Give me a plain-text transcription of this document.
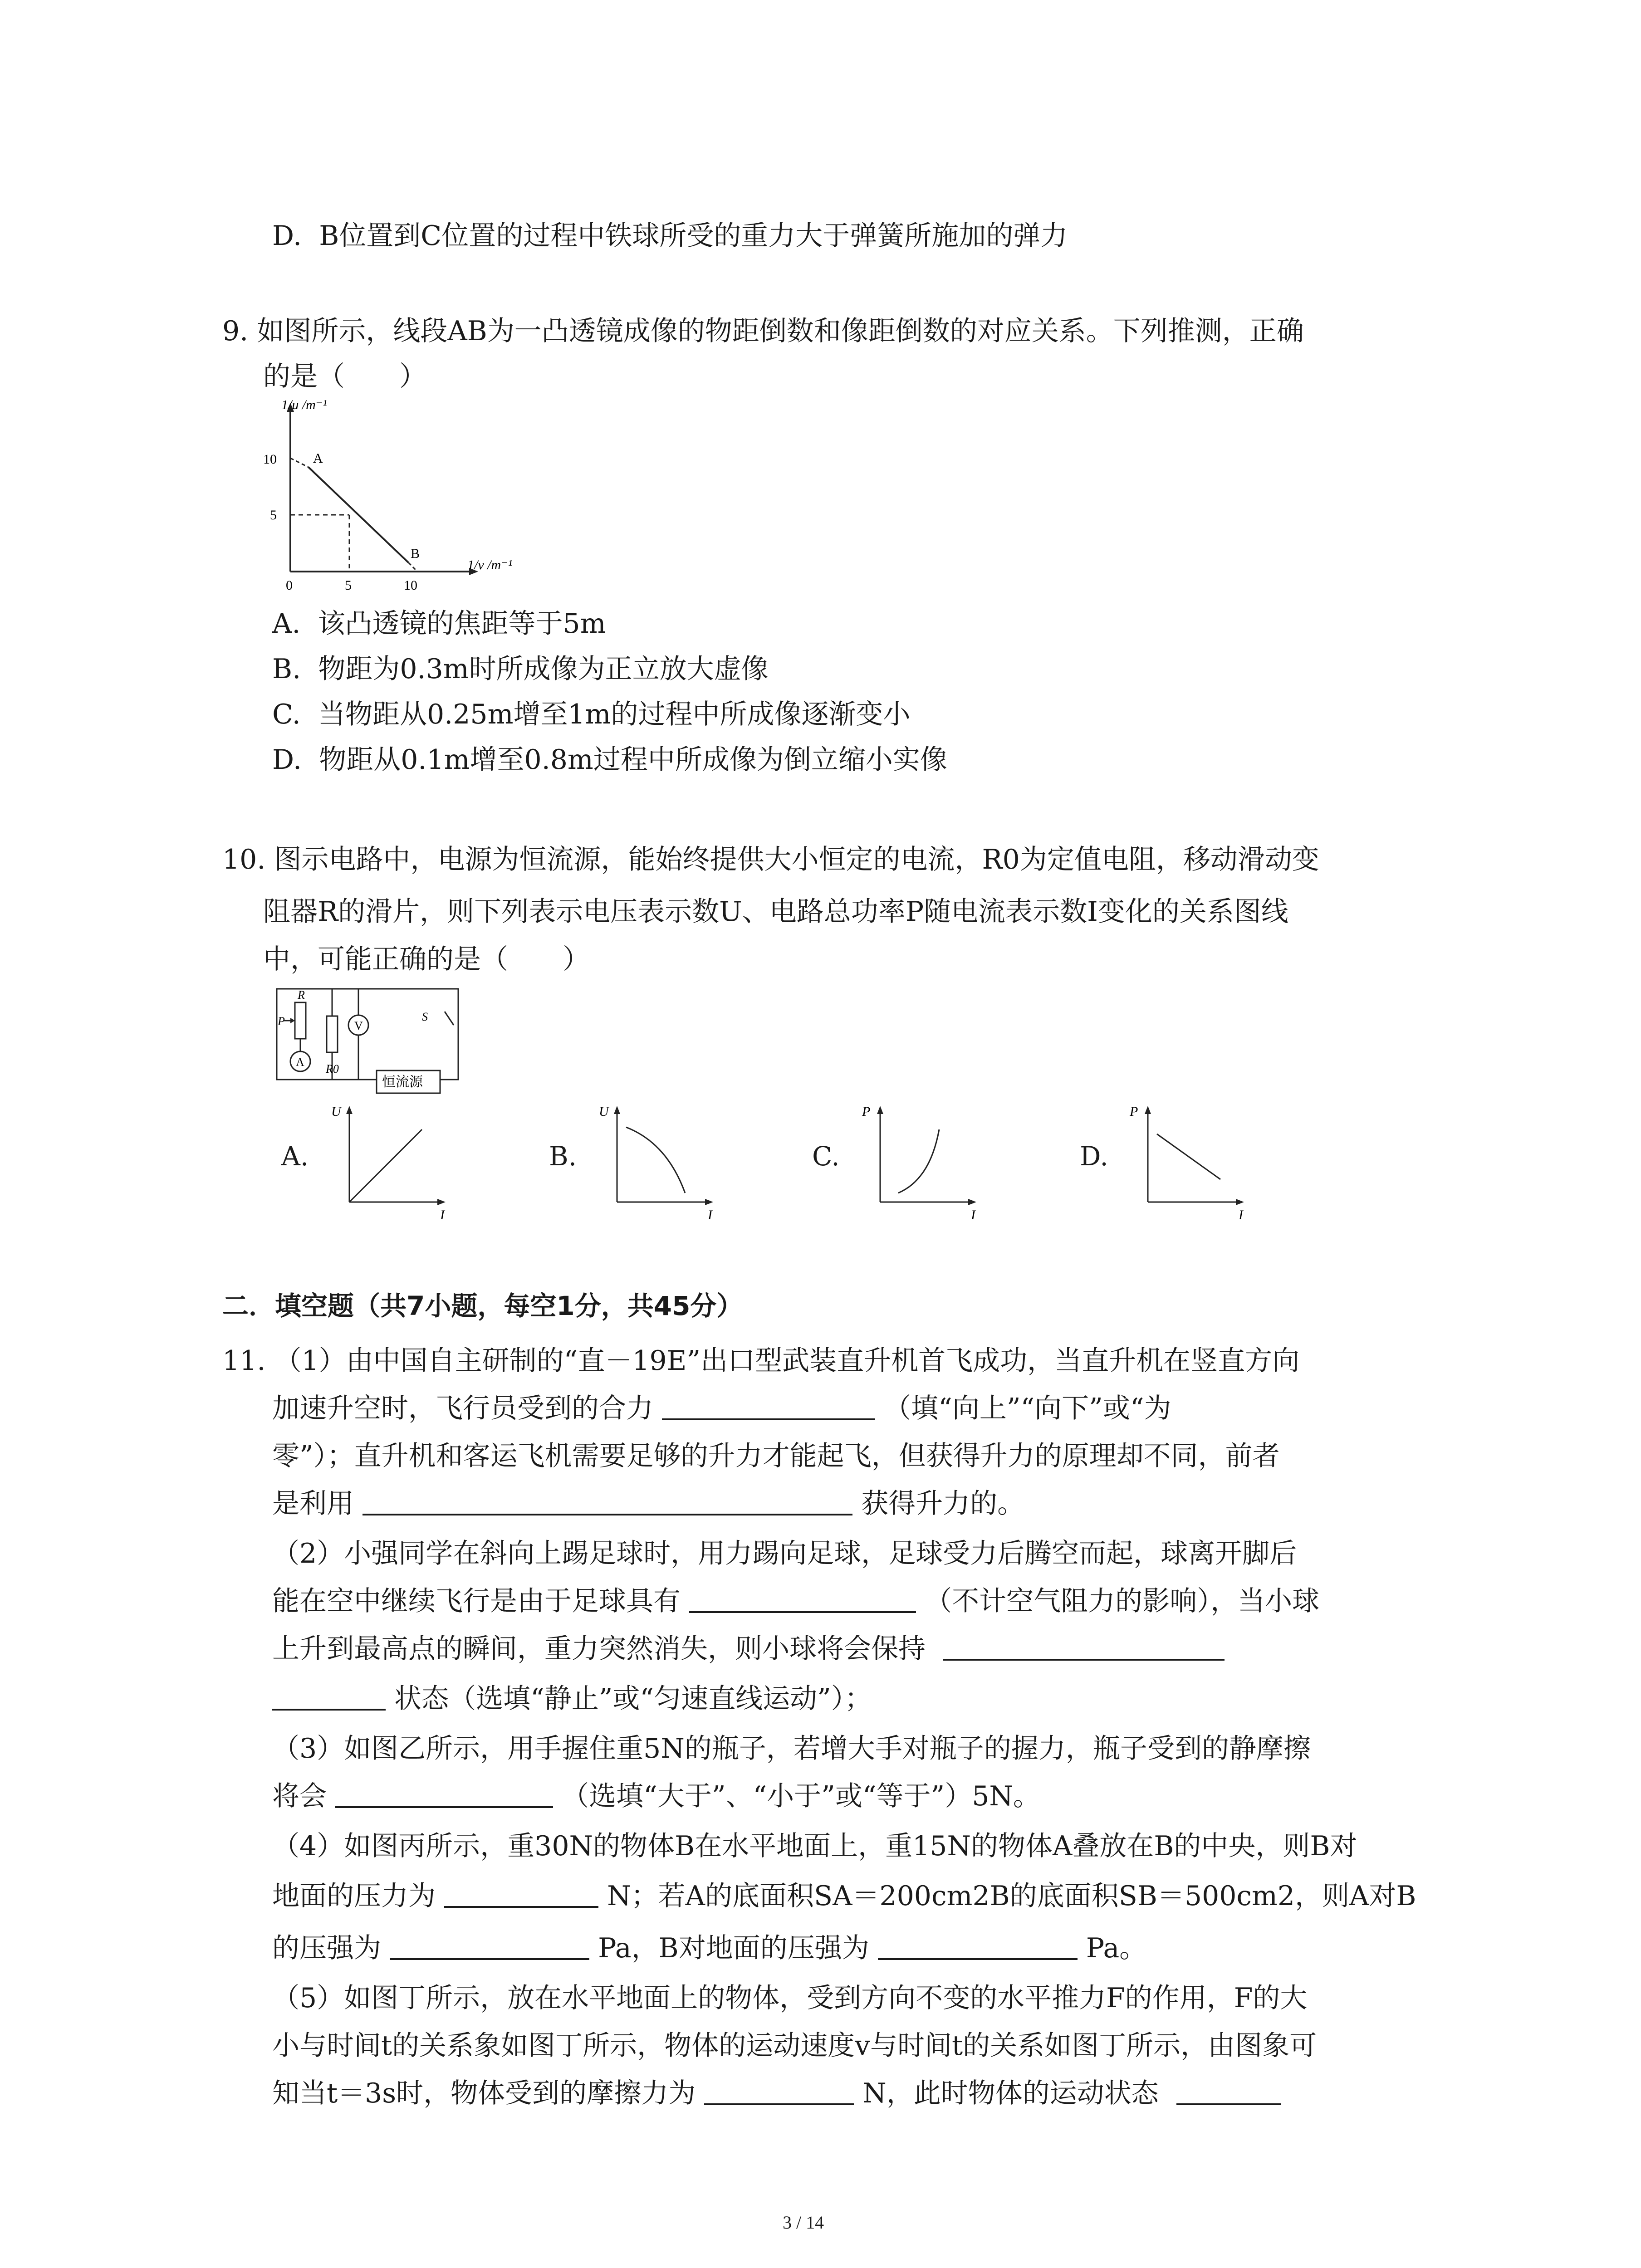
D. B位置到C位置的过程中铁球所受的重力大于弹簧所施加的弹力
9. 如图所示，线段AB为一凸透镜成像的物距倒数和像距倒数的对应关系。下列推测，正确
的是（　　）
1/u /m⁻¹
10
5
A
B
0	5	10
1/v /m⁻¹
A. 该凸透镜的焦距等于5m
B. 物距为0.3m时所成像为正立放大虚像
C. 当物距从0.25m增至1m的过程中所成像逐渐变小
D. 物距从0.1m增至0.8m过程中所成像为倒立缩小实像
10. 图示电路中，电源为恒流源，能始终提供大小恒定的电流，R0为定值电阻，移动滑动变
阻器R的滑片，则下列表示电压表示数U、电路总功率P随电流表示数I变化的关系图线
中，可能正确的是（　　）
R
P
A
R0
V
S
恒流源
A.
U
I
B.
U
I
C.
P
I
D.
P
I
二．填空题（共7小题，每空1分，共45分）
11. （1）由中国自主研制的“直－19E”出口型武装直升机首飞成功，当直升机在竖直方向
加速升空时，飞行员受到的合力	（填“向上”“向下”或“为
零”）；直升机和客运飞机需要足够的升力才能起飞，但获得升力的原理却不同，前者
是利用	获得升力的。
（2）小强同学在斜向上踢足球时，用力踢向足球，足球受力后腾空而起，球离开脚后
能在空中继续飞行是由于足球具有	（不计空气阻力的影响），当小球
上升到最高点的瞬间，重力突然消失，则小球将会保持
状态（选填“静止”或“匀速直线运动”）；
（3）如图乙所示，用手握住重5N的瓶子，若增大手对瓶子的握力，瓶子受到的静摩擦
将会	（选填“大于”、“小于”或“等于”）5N。
（4）如图丙所示，重30N的物体B在水平地面上，重15N的物体A叠放在B的中央，则B对
地面的压力为	N；若A的底面积SA＝200cm2B的底面积SB＝500cm2，则A对B
的压强为	Pa，B对地面的压强为	Pa。
（5）如图丁所示，放在水平地面上的物体，受到方向不变的水平推力F的作用，F的大
小与时间t的关系象如图丁所示，物体的运动速度v与时间t的关系如图丁所示，由图象可
知当t＝3s时，物体受到的摩擦力为	N，此时物体的运动状态
3 / 14
